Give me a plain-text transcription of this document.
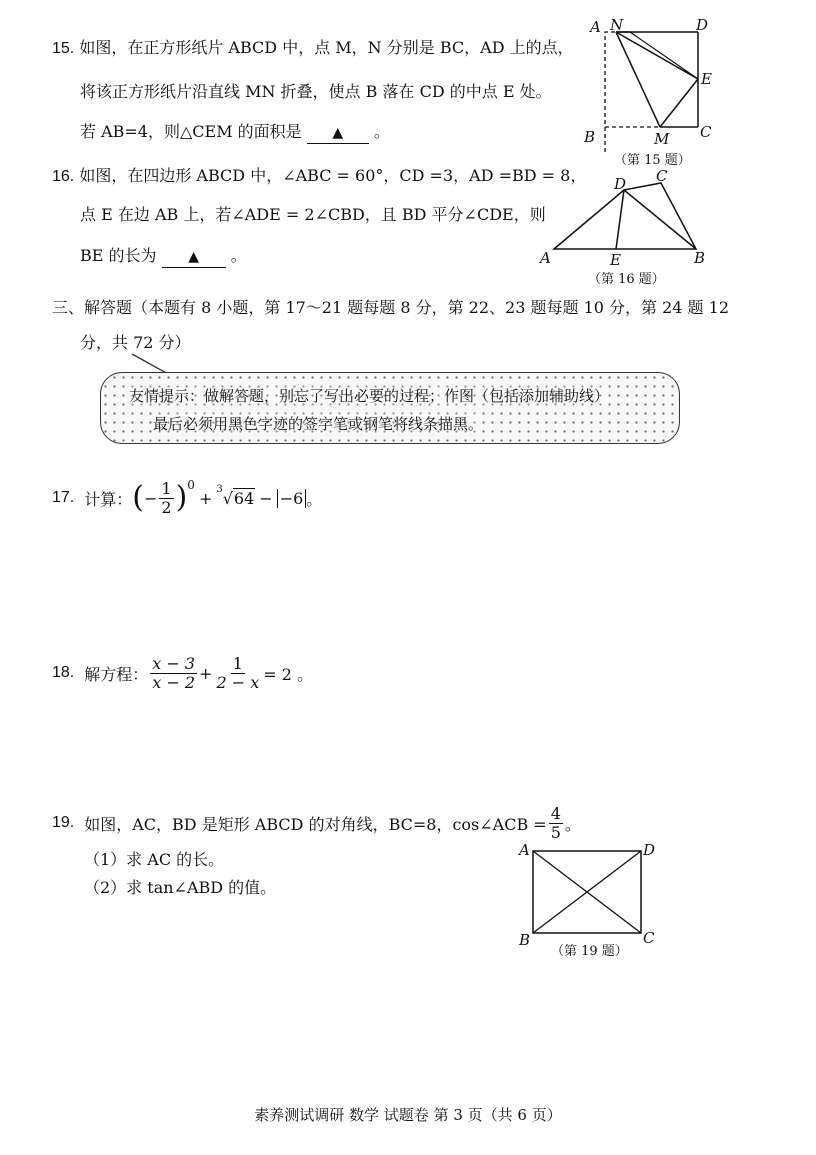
15. 如图，在正方形纸片 ABCD 中，点 M，N 分别是 BC，AD 上的点，
将该正方形纸片沿直线 MN 折叠，使点 B 落在 CD 的中点 E 处。
若 AB=4，则△CEM 的面积是 ▲ 。
A N	D
E
B	M C
（第 15 题）
16. 如图，在四边形 ABCD 中，∠ABC = 60°，CD =3，AD =BD = 8，
点 E 在边 AB 上，若∠ADE = 2∠CBD，且 BD 平分∠CDE，则
BE 的长为 ▲ 。	A	E	B
D C
（第 16 题）
三、解答题（本题有 8 小题，第 17～21 题每题 8 分，第 22、23 题每题 10 分，第 24 题 12
分，共 72 分）
友情提示：做解答题，别忘了写出必要的过程；作图（包括添加辅助线）
最后必须用黑色字迹的签字笔或钢笔将线条描黑。
17. 计算： ( − $\frac{1}{2} )^0$
+ $^3$ √ 64 − −6 。
18. 解方程： $\frac{x - 3}{x - 2} + \frac{1}{2 - x} = 2$ 。
19. 如图，AC，BD 是矩形 ABCD 的对角线，BC=8，cos∠ACB = $\frac{4}{5}$ 。
（1）求 AC 的长。
（2）求 tan∠ABD 的值。
A	D
B	C
（第 19 题）
素养测试调研 数学 试题卷 第 3 页（共 6 页）
